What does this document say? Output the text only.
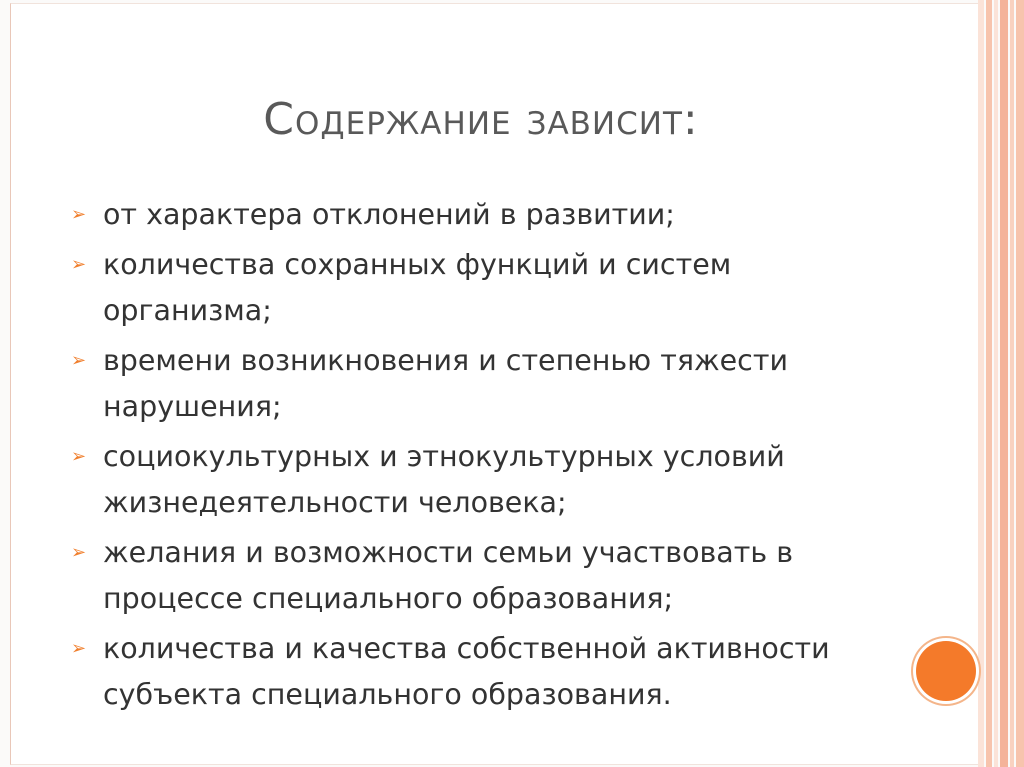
Содержание зависит:
➢ от характера отклонений в развитии;
➢ количества сохранных функций и систем организма;
➢ времени возникновения и степенью тяжести нарушения;
➢ социокультурных и этнокультурных условий жизнедеятельности человека;
➢ желания и возможности семьи участвовать в процессе специального образования;
➢ количества и качества собственной активности субъекта специального образования.
